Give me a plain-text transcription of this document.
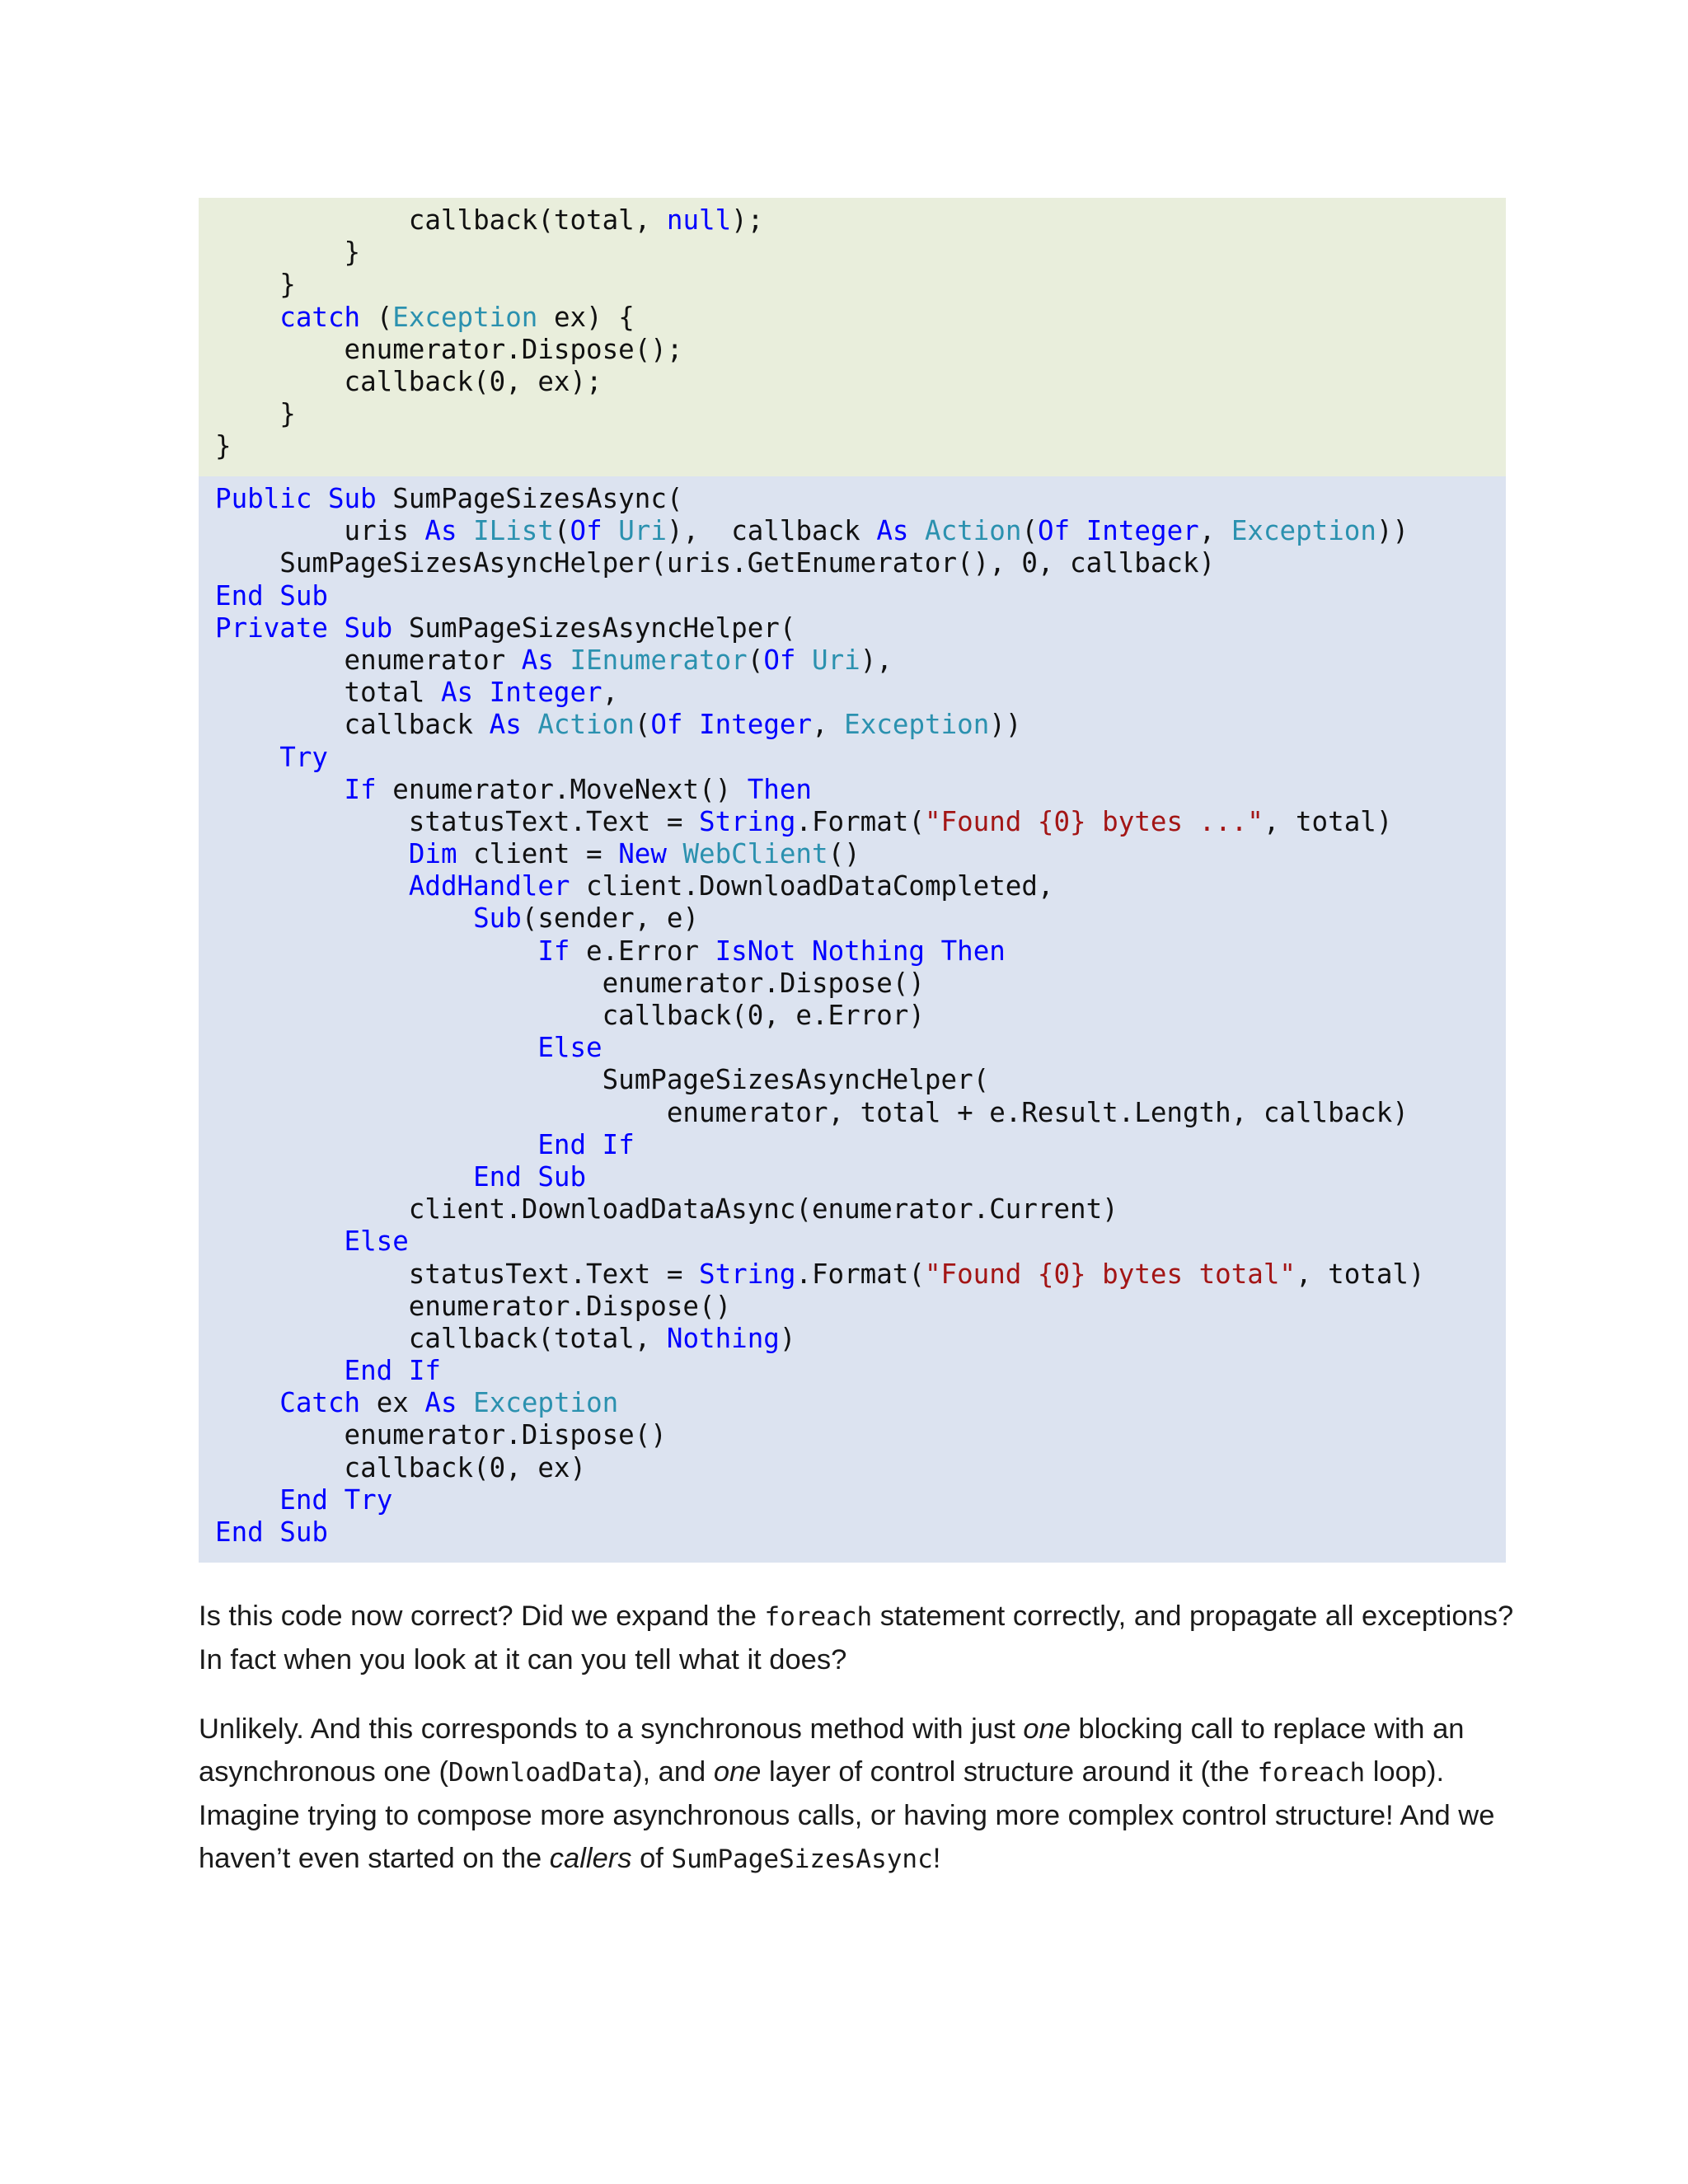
callback(total, null);
}
}
catch (Exception ex) {
enumerator.Dispose();
callback(0, ex);
}
}
Public Sub SumPageSizesAsync(
uris As IList(Of Uri),  callback As Action(Of Integer, Exception))
SumPageSizesAsyncHelper(uris.GetEnumerator(), 0, callback)
End Sub
Private Sub SumPageSizesAsyncHelper(
enumerator As IEnumerator(Of Uri),
total As Integer,
callback As Action(Of Integer, Exception))
Try
If enumerator.MoveNext() Then
statusText.Text = String.Format("Found {0} bytes ...", total)
Dim client = New WebClient()
AddHandler client.DownloadDataCompleted,
Sub(sender, e)
If e.Error IsNot Nothing Then
enumerator.Dispose()
callback(0, e.Error)
Else
SumPageSizesAsyncHelper(
enumerator, total + e.Result.Length, callback)
End If
End Sub
client.DownloadDataAsync(enumerator.Current)
Else
statusText.Text = String.Format("Found {0} bytes total", total)
enumerator.Dispose()
callback(total, Nothing)
End If
Catch ex As Exception
enumerator.Dispose()
callback(0, ex)
End Try
End Sub

Is this code now correct? Did we expand the foreach statement correctly, and propagate all exceptions? In fact when you look at it can you tell what it does?

Unlikely. And this corresponds to a synchronous method with just one blocking call to replace with an asynchronous one (DownloadData), and one layer of control structure around it (the foreach loop). Imagine trying to compose more asynchronous calls, or having more complex control structure! And we haven’t even started on the callers of SumPageSizesAsync!
